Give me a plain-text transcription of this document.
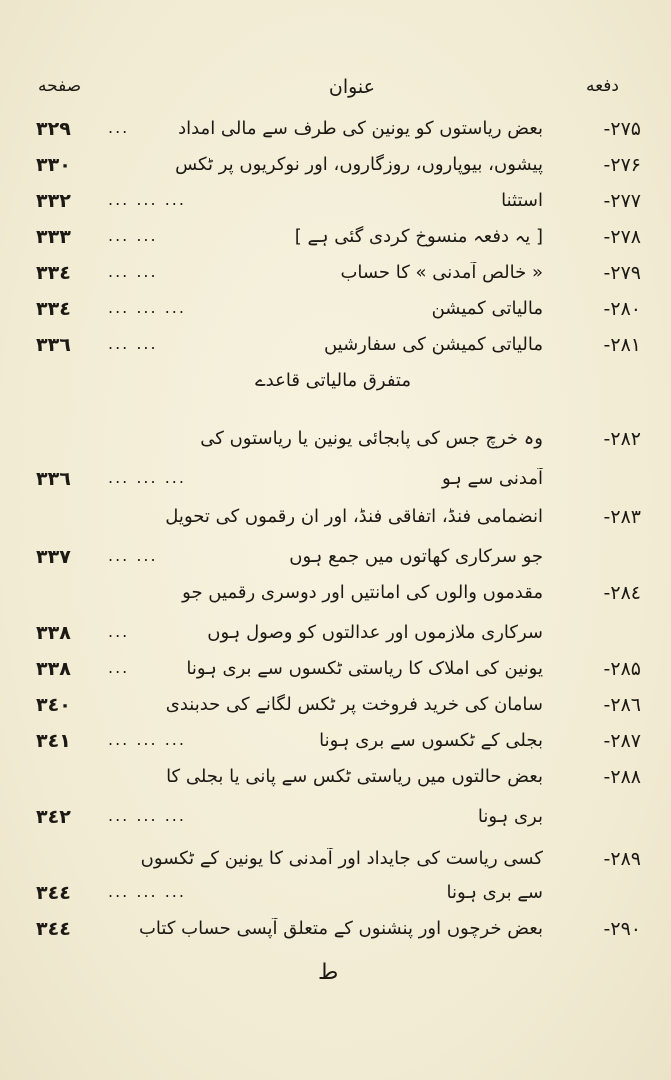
دفعه
عنوان
صفحه
۲۷۵-
بعض ریاستوں کو یونین کی طرف سے مالی امداد
...
۳۲۹
۲۷۶-
پیشوں، بیوپاروں، روزگاروں، اور نوکریوں پر ٹکس
۳۳۰
۲۷۷-
استثنا
... ... ...
۳۳۲
۲۷۸-
[ یہ دفعہ منسوخ کردی گئی ہے ]
... ...
۳۳۳
۲۷۹-
« خالص آمدنی » کا حساب
... ...
۳۳٤
۲۸۰-
مالیاتی کمیشن
... ... ...
۳۳٤
۲۸۱-
مالیاتی کمیشن کی سفارشیں
... ...
۳۳٦
متفرق مالیاتی قاعدے
۲۸۲-
وہ خرچ جس کی پابجائی یونین یا ریاستوں کی
آمدنی سے ہو
... ... ...
۳۳٦
۲۸۳-
انضمامی فنڈ، اتفاقی فنڈ، اور ان رقموں کی تحویل
جو سرکاری کھاتوں میں جمع ہوں
... ...
۳۳۷
۲۸٤-
مقدموں والوں کی امانتیں اور دوسری رقمیں جو
سرکاری ملازموں اور عدالتوں کو وصول ہوں
...
۳۳۸
۲۸۵-
یونین کی املاک کا ریاستی ٹکسوں سے بری ہونا
...
۳۳۸
۲۸٦-
سامان کی خرید فروخت پر ٹکس لگانے کی حدبندی
۳٤۰
۲۸۷-
بجلی کے ٹکسوں سے بری ہونا
... ... ...
۳٤۱
۲۸۸-
بعض حالتوں میں ریاستی ٹکس سے پانی یا بجلی کا
بری ہونا
... ... ...
۳٤۲
۲۸۹-
کسی ریاست کی جایداد اور آمدنی کا یونین کے ٹکسوں
سے بری ہونا
... ... ...
۳٤٤
۲۹۰-
بعض خرچوں اور پنشنوں کے متعلق آپسی حساب کتاب
۳٤٤
ط
